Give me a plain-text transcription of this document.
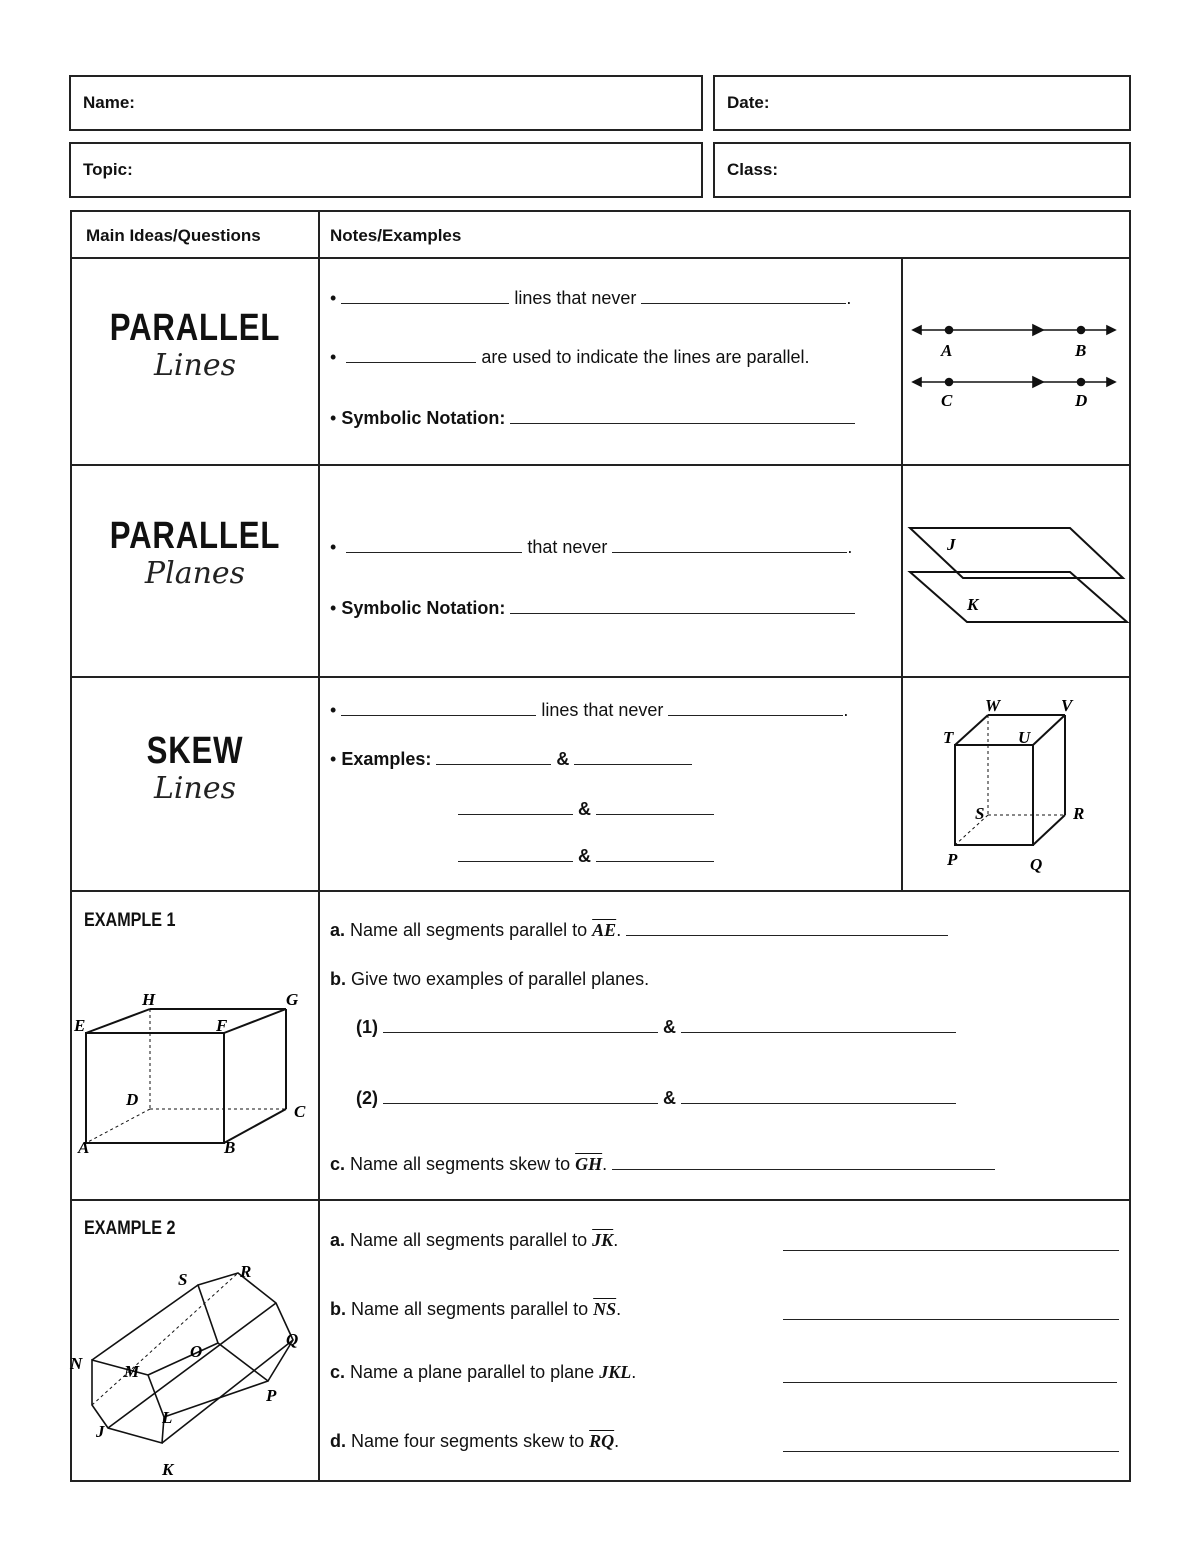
Name:	Date:
Topic:	Class:
Main Ideas/Questions	Notes/Examples
PARALLEL
Lines
•	lines that never	.
•	are used to indicate the lines are parallel.
• Symbolic Notation:
PARALLEL
Planes
•	that never	.
• Symbolic Notation:
SKEW
Lines
•	lines that never	.
• Examples:	&
&
&
EXAMPLE 1	a. Name all segments parallel to $\overline{AE}$.
b. Give two examples of parallel planes.
(1)	&
(2)	&
c. Name all segments skew to $\overline{GH}$.
EXAMPLE 2
a. Name all segments parallel to $\overline{JK}$.
b. Name all segments parallel to $\overline{NS}$.
c. Name a plane parallel to plane JKL.
d. Name four segments skew to $\overline{RQ}$.
A	B
C	D
J
K
W	V
T	U
S	R
P	Q
H	G
E	F
D
C
A	B
S	R
Q
N M
O
P
L
J
K
